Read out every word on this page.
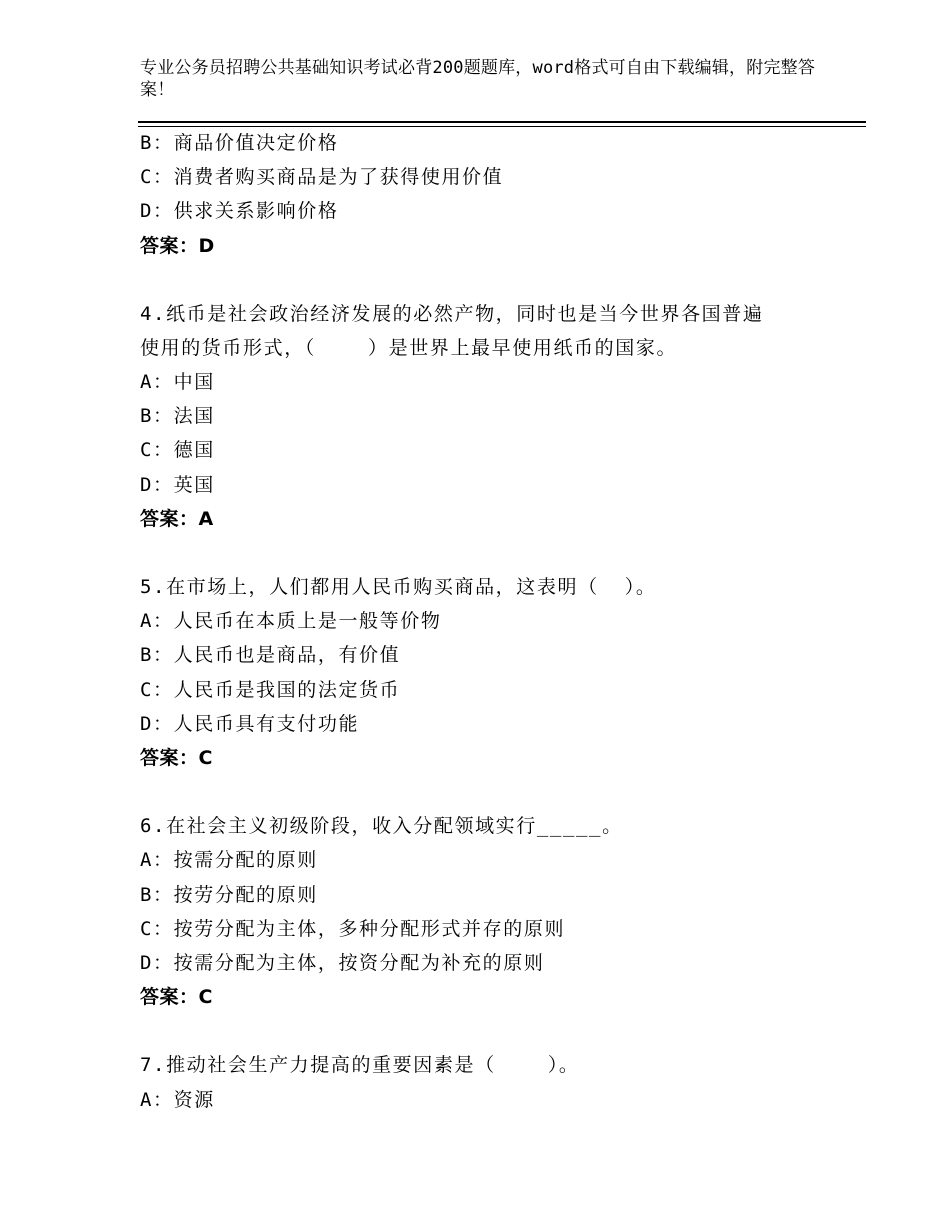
专业公务员招聘公共基础知识考试必背200题题库，word格式可自由下载编辑，附完整答案！
B：商品价值决定价格
C：消费者购买商品是为了获得使用价值
D：供求关系影响价格
答案：D
4.纸币是社会政治经济发展的必然产物，同时也是当今世界各国普遍
使用的货币形式，（    ）是世界上最早使用纸币的国家。
A：中国
B：法国
C：德国
D：英国
答案：A
5.在市场上，人们都用人民币购买商品，这表明（  ）。
A：人民币在本质上是一般等价物
B：人民币也是商品，有价值
C：人民币是我国的法定货币
D：人民币具有支付功能
答案：C
6.在社会主义初级阶段，收入分配领域实行_____。
A：按需分配的原则
B：按劳分配的原则
C：按劳分配为主体，多种分配形式并存的原则
D：按需分配为主体，按资分配为补充的原则
答案：C
7.推动社会生产力提高的重要因素是（    ）。
A：资源
